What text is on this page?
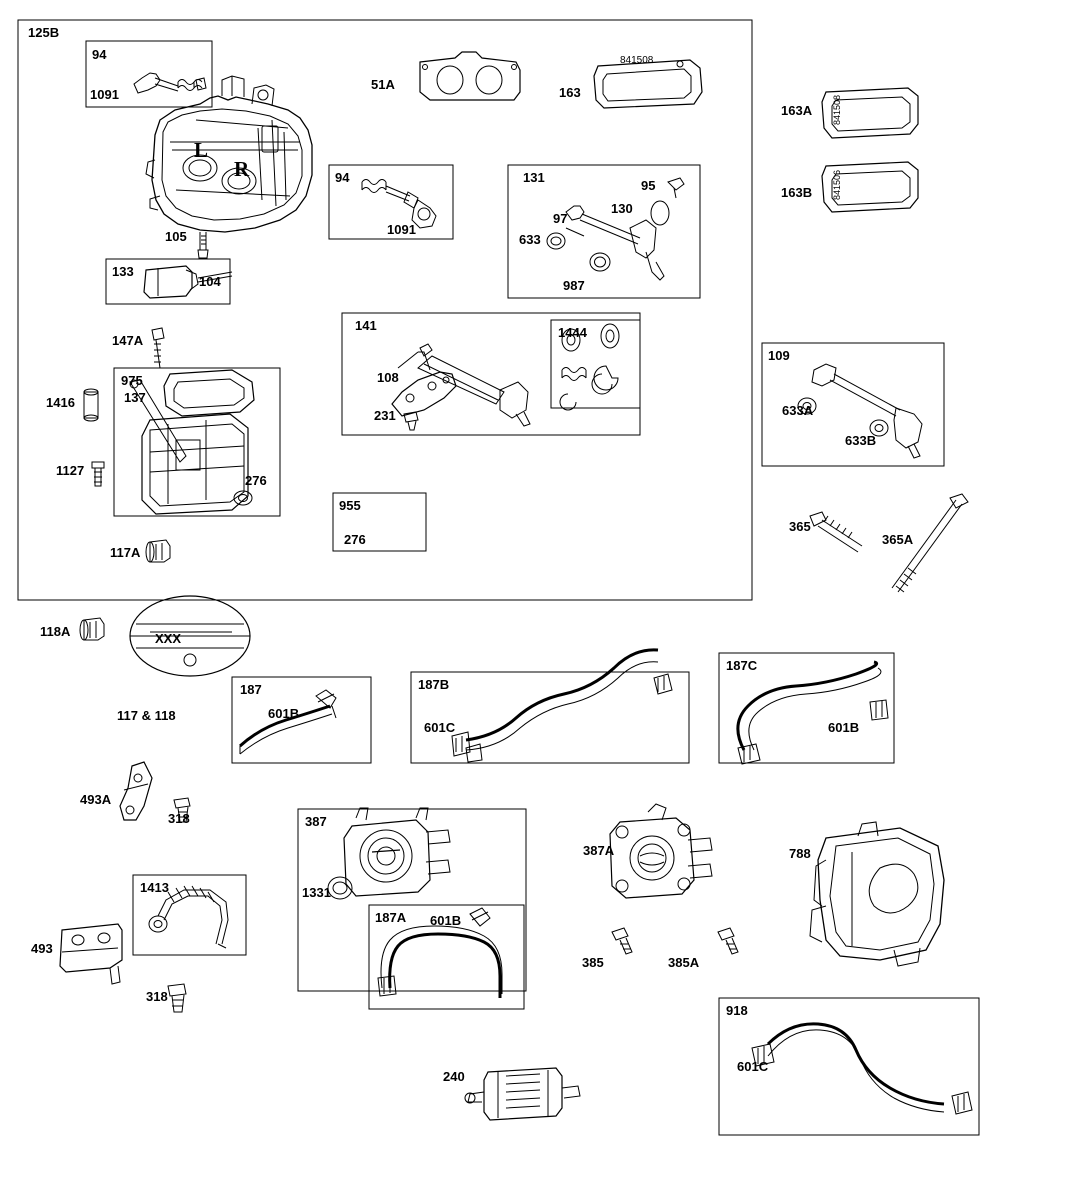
841508
841506
125B
94
1091
51A
163
841508
163A
163B
94
1091
131
95
130
97
633
987
105
133
104
147A
141	1444
108
231
109
633A
633B
975
137
1416
1127
276
955
276
117A
365
365A
118A	XXX
117 & 118
187
601B
187B
601C
187C
601B
493A
318	387
1331
187A 601B
387A	788
385	385A
1413
493
318
918
601C
240
L
R
